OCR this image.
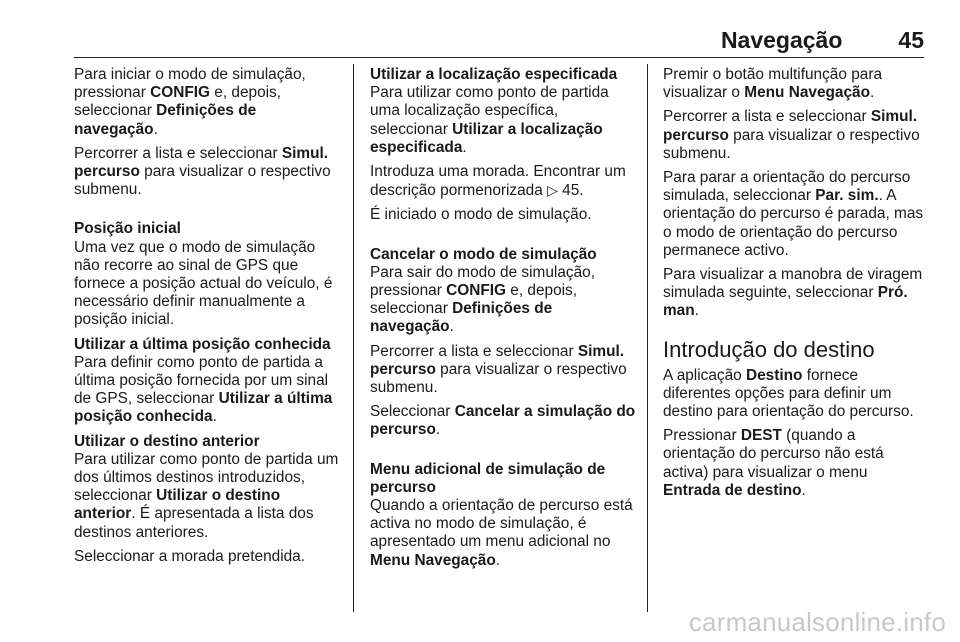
Navegação 45

Para iniciar o modo de simulação, pressionar CONFIG e, depois, seleccionar Definições de navegação.

Percorrer a lista e seleccionar Simul. percurso para visualizar o respectivo submenu.

Posição inicial
Uma vez que o modo de simulação não recorre ao sinal de GPS que fornece a posição actual do veículo, é necessário definir manualmente a posição inicial.

Utilizar a última posição conhecida
Para definir como ponto de partida a última posição fornecida por um sinal de GPS, seleccionar Utilizar a última posição conhecida.

Utilizar o destino anterior
Para utilizar como ponto de partida um dos últimos destinos introduzidos, seleccionar Utilizar o destino anterior. É apresentada a lista dos destinos anteriores.

Seleccionar a morada pretendida.

Utilizar a localização especificada
Para utilizar como ponto de partida uma localização específica, seleccionar Utilizar a localização especificada.

Introduza uma morada. Encontrar um descrição pormenorizada ▷ 45.

É iniciado o modo de simulação.

Cancelar o modo de simulação
Para sair do modo de simulação, pressionar CONFIG e, depois, seleccionar Definições de navegação.

Percorrer a lista e seleccionar Simul. percurso para visualizar o respectivo submenu.

Seleccionar Cancelar a simulação do percurso.

Menu adicional de simulação de percurso
Quando a orientação de percurso está activa no modo de simulação, é apresentado um menu adicional no Menu Navegação.

Premir o botão multifunção para visualizar o Menu Navegação.

Percorrer a lista e seleccionar Simul. percurso para visualizar o respectivo submenu.

Para parar a orientação do percurso simulada, seleccionar Par. sim.. A orientação do percurso é parada, mas o modo de orientação do percurso permanece activo.

Para visualizar a manobra de viragem simulada seguinte, seleccionar Pró. man.

Introdução do destino

A aplicação Destino fornece diferentes opções para definir um destino para orientação do percurso.

Pressionar DEST (quando a orientação do percurso não está activa) para visualizar o menu Entrada de destino.

carmanualsonline.info
